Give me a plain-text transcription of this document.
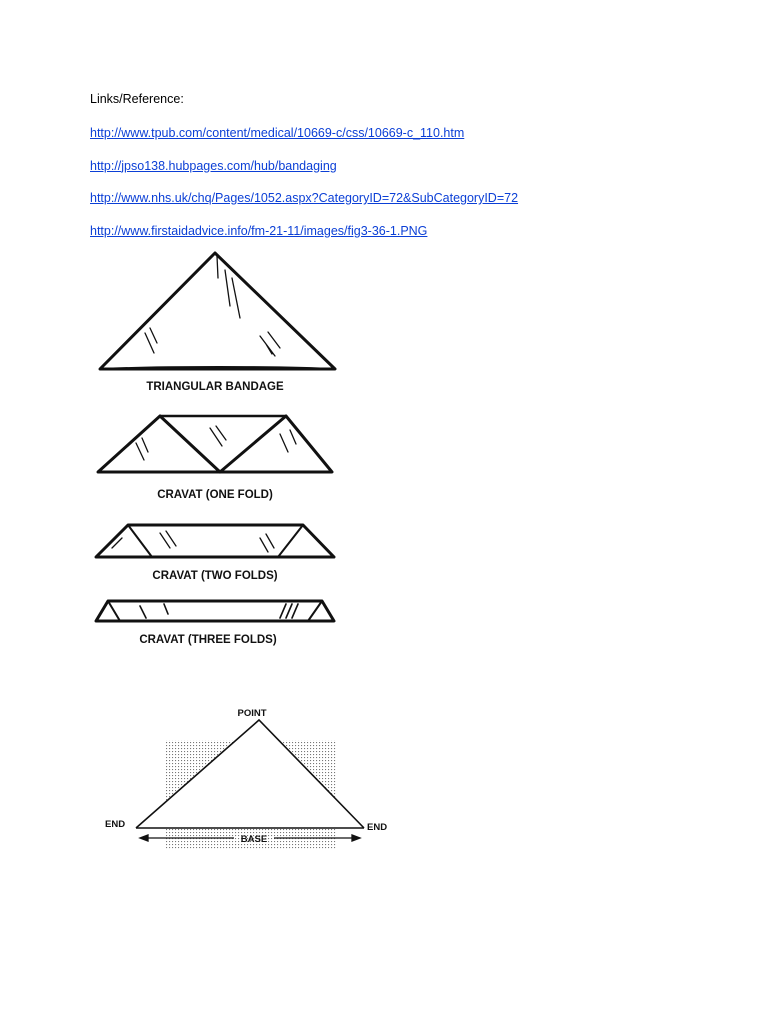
Links/Reference:

http://www.tpub.com/content/medical/10669-c/css/10669-c_110.htm
http://jpso138.hubpages.com/hub/bandaging
http://www.nhs.uk/chq/Pages/1052.aspx?CategoryID=72&SubCategoryID=72
http://www.firstaidadvice.info/fm-21-11/images/fig3-36-1.PNG
TRIANGULAR BANDAGE
CRAVAT (ONE FOLD)
CRAVAT (TWO FOLDS)
CRAVAT (THREE FOLDS)
POINT
END	END
BASE
